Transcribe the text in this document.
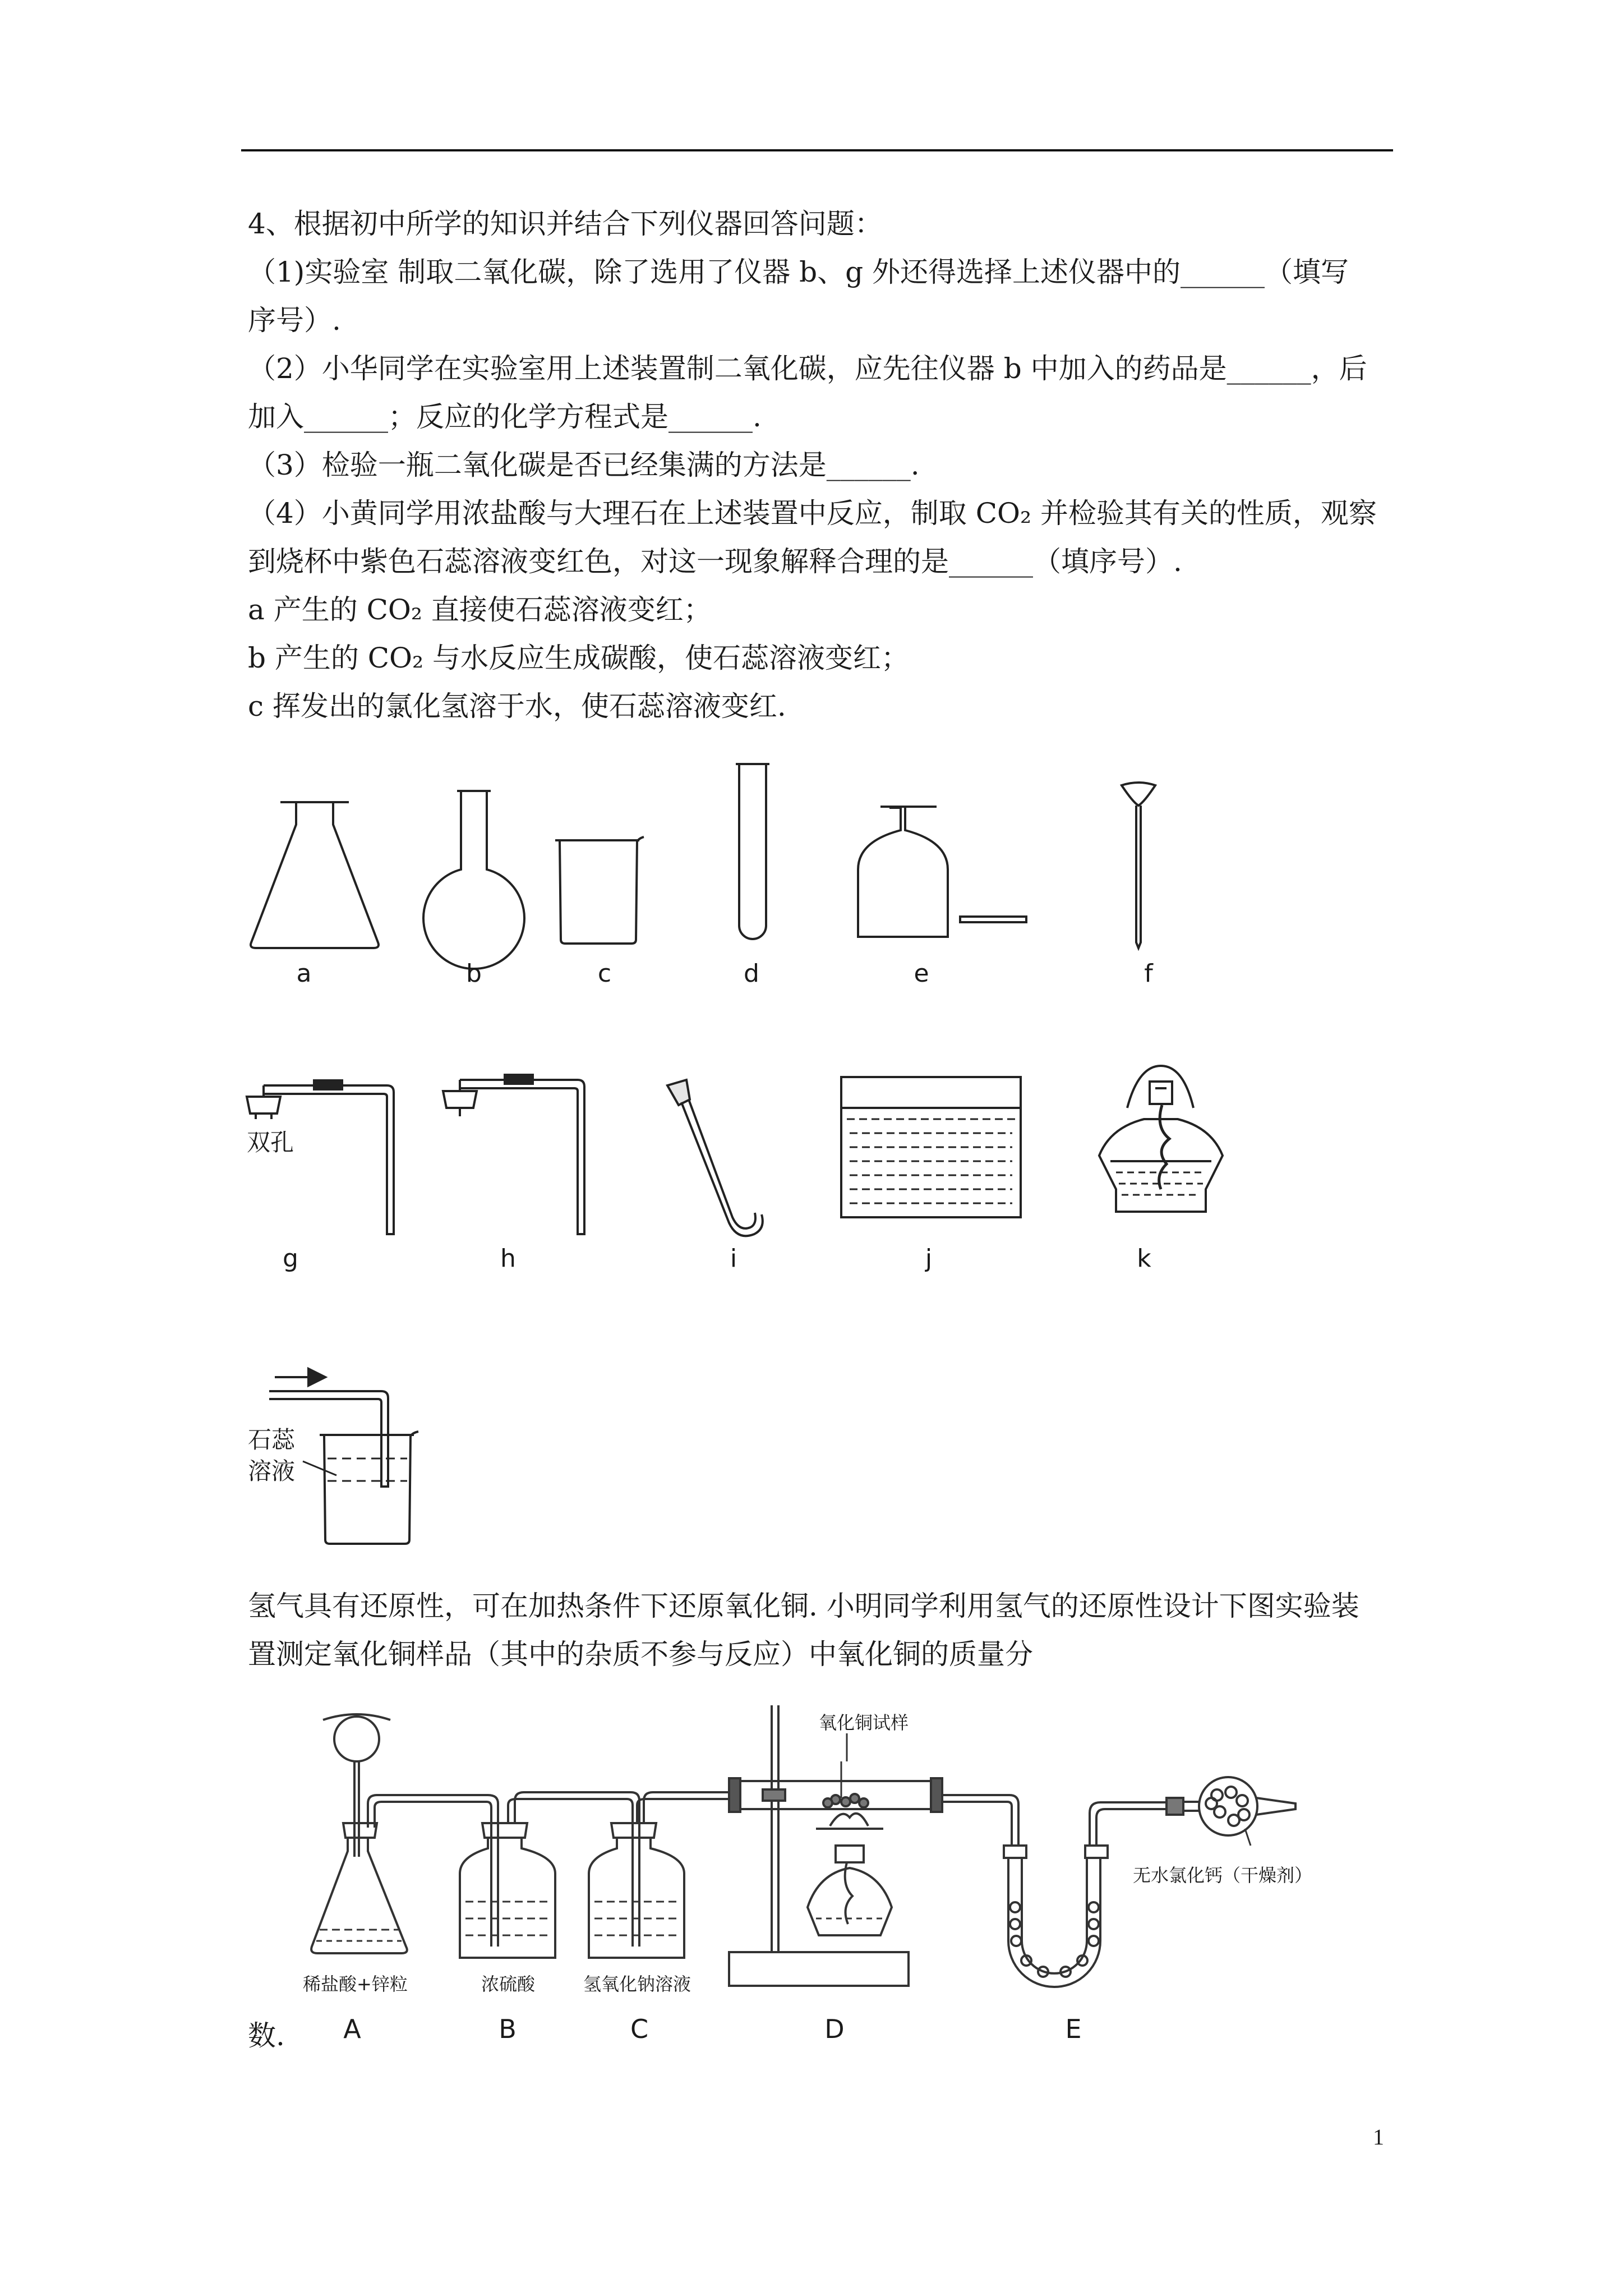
4、根据初中所学的知识并结合下列仪器回答问题：
（1)实验室 制取二氧化碳，除了选用了仪器 b、g 外还得选择上述仪器中的______（填写
序号）.
（2）小华同学在实验室用上述装置制二氧化碳，应先往仪器 b 中加入的药品是______，后
加入______；反应的化学方程式是______.
（3）检验一瓶二氧化碳是否已经集满的方法是______.
（4）小黄同学用浓盐酸与大理石在上述装置中反应，制取 CO₂ 并检验其有关的性质，观察
到烧杯中紫色石蕊溶液变红色，对这一现象解释合理的是______（填序号）.
a 产生的 CO₂ 直接使石蕊溶液变红；
b 产生的 CO₂ 与水反应生成碳酸，使石蕊溶液变红；
c 挥发出的氯化氢溶于水，使石蕊溶液变红.
a	b	c	d	e	f
双孔
g	h	i	j	k
石蕊
溶液
氢气具有还原性，可在加热条件下还原氧化铜. 小明同学利用氢气的还原性设计下图实验装
置测定氧化铜样品（其中的杂质不参与反应）中氧化铜的质量分
数.
氧化铜试样
无水氯化钙（干燥剂）
稀盐酸+锌粒	浓硫酸	氢氧化钠溶液
A	B	C	D	E
1
